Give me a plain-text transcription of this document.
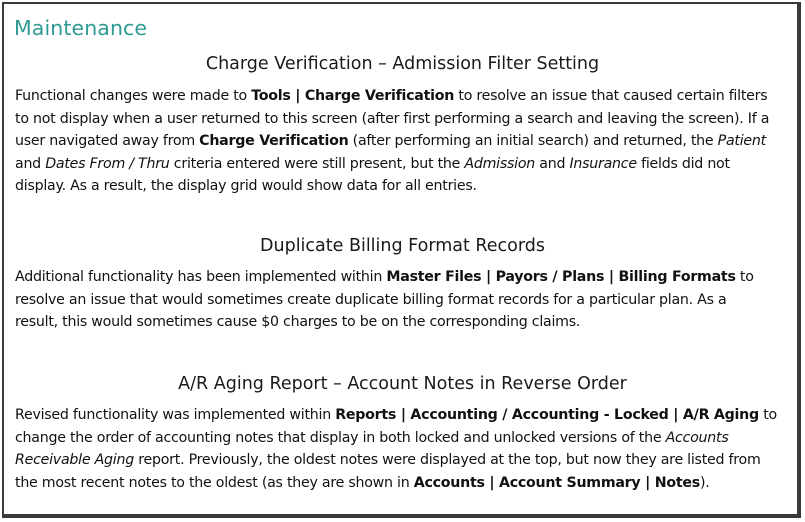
Maintenance
Charge Verification – Admission Filter Setting
Functional changes were made to Tools | Charge Verification to resolve an issue that caused certain filters
to not display when a user returned to this screen (after first performing a search and leaving the screen). If a
user navigated away from Charge Verification (after performing an initial search) and returned, the Patient
and Dates From / Thru criteria entered were still present, but the Admission and Insurance fields did not
display. As a result, the display grid would show data for all entries.
Duplicate Billing Format Records
Additional functionality has been implemented within Master Files | Payors / Plans | Billing Formats to
resolve an issue that would sometimes create duplicate billing format records for a particular plan. As a
result, this would sometimes cause $0 charges to be on the corresponding claims.
A/R Aging Report – Account Notes in Reverse Order
Revised functionality was implemented within Reports | Accounting / Accounting - Locked | A/R Aging to
change the order of accounting notes that display in both locked and unlocked versions of the Accounts
Receivable Aging report. Previously, the oldest notes were displayed at the top, but now they are listed from
the most recent notes to the oldest (as they are shown in Accounts | Account Summary | Notes).
